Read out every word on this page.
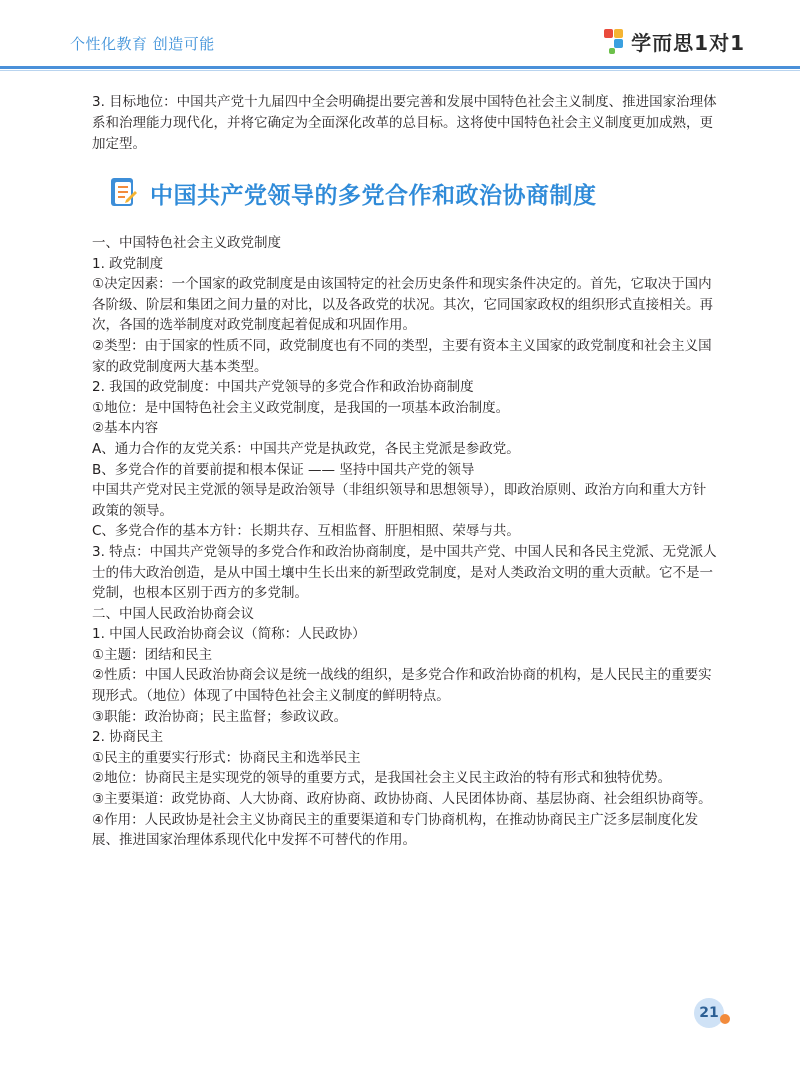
个性化教育 创造可能	学而思1对1

3. 目标地位：中国共产党十九届四中全会明确提出要完善和发展中国特色社会主义制度、推进国家治理体系和治理能力现代化，并将它确定为全面深化改革的总目标。这将使中国特色社会主义制度更加成熟，更加定型。

中国共产党领导的多党合作和政治协商制度

一、中国特色社会主义政党制度

1. 政党制度

①决定因素：一个国家的政党制度是由该国特定的社会历史条件和现实条件决定的。首先，它取决于国内各阶级、阶层和集团之间力量的对比，以及各政党的状况。其次，它同国家政权的组织形式直接相关。再次，各国的选举制度对政党制度起着促成和巩固作用。

②类型：由于国家的性质不同，政党制度也有不同的类型，主要有资本主义国家的政党制度和社会主义国家的政党制度两大基本类型。

2. 我国的政党制度：中国共产党领导的多党合作和政治协商制度

①地位：是中国特色社会主义政党制度，是我国的一项基本政治制度。

②基本内容

A、通力合作的友党关系：中国共产党是执政党，各民主党派是参政党。

B、多党合作的首要前提和根本保证 —— 坚持中国共产党的领导

中国共产党对民主党派的领导是政治领导（非组织领导和思想领导），即政治原则、政治方向和重大方针政策的领导。

C、多党合作的基本方针：长期共存、互相监督、肝胆相照、荣辱与共。

3. 特点：中国共产党领导的多党合作和政治协商制度，是中国共产党、中国人民和各民主党派、无党派人士的伟大政治创造，是从中国土壤中生长出来的新型政党制度，是对人类政治文明的重大贡献。它不是一党制，也根本区别于西方的多党制。

二、中国人民政治协商会议

1. 中国人民政治协商会议（简称：人民政协）

①主题：团结和民主

②性质：中国人民政治协商会议是统一战线的组织，是多党合作和政治协商的机构，是人民民主的重要实现形式。（地位）体现了中国特色社会主义制度的鲜明特点。

③职能：政治协商；民主监督；参政议政。

2. 协商民主

①民主的重要实行形式：协商民主和选举民主

②地位：协商民主是实现党的领导的重要方式，是我国社会主义民主政治的特有形式和独特优势。

③主要渠道：政党协商、人大协商、政府协商、政协协商、人民团体协商、基层协商、社会组织协商等。

④作用：人民政协是社会主义协商民主的重要渠道和专门协商机构，在推动协商民主广泛多层制度化发展、推进国家治理体系现代化中发挥不可替代的作用。

21
